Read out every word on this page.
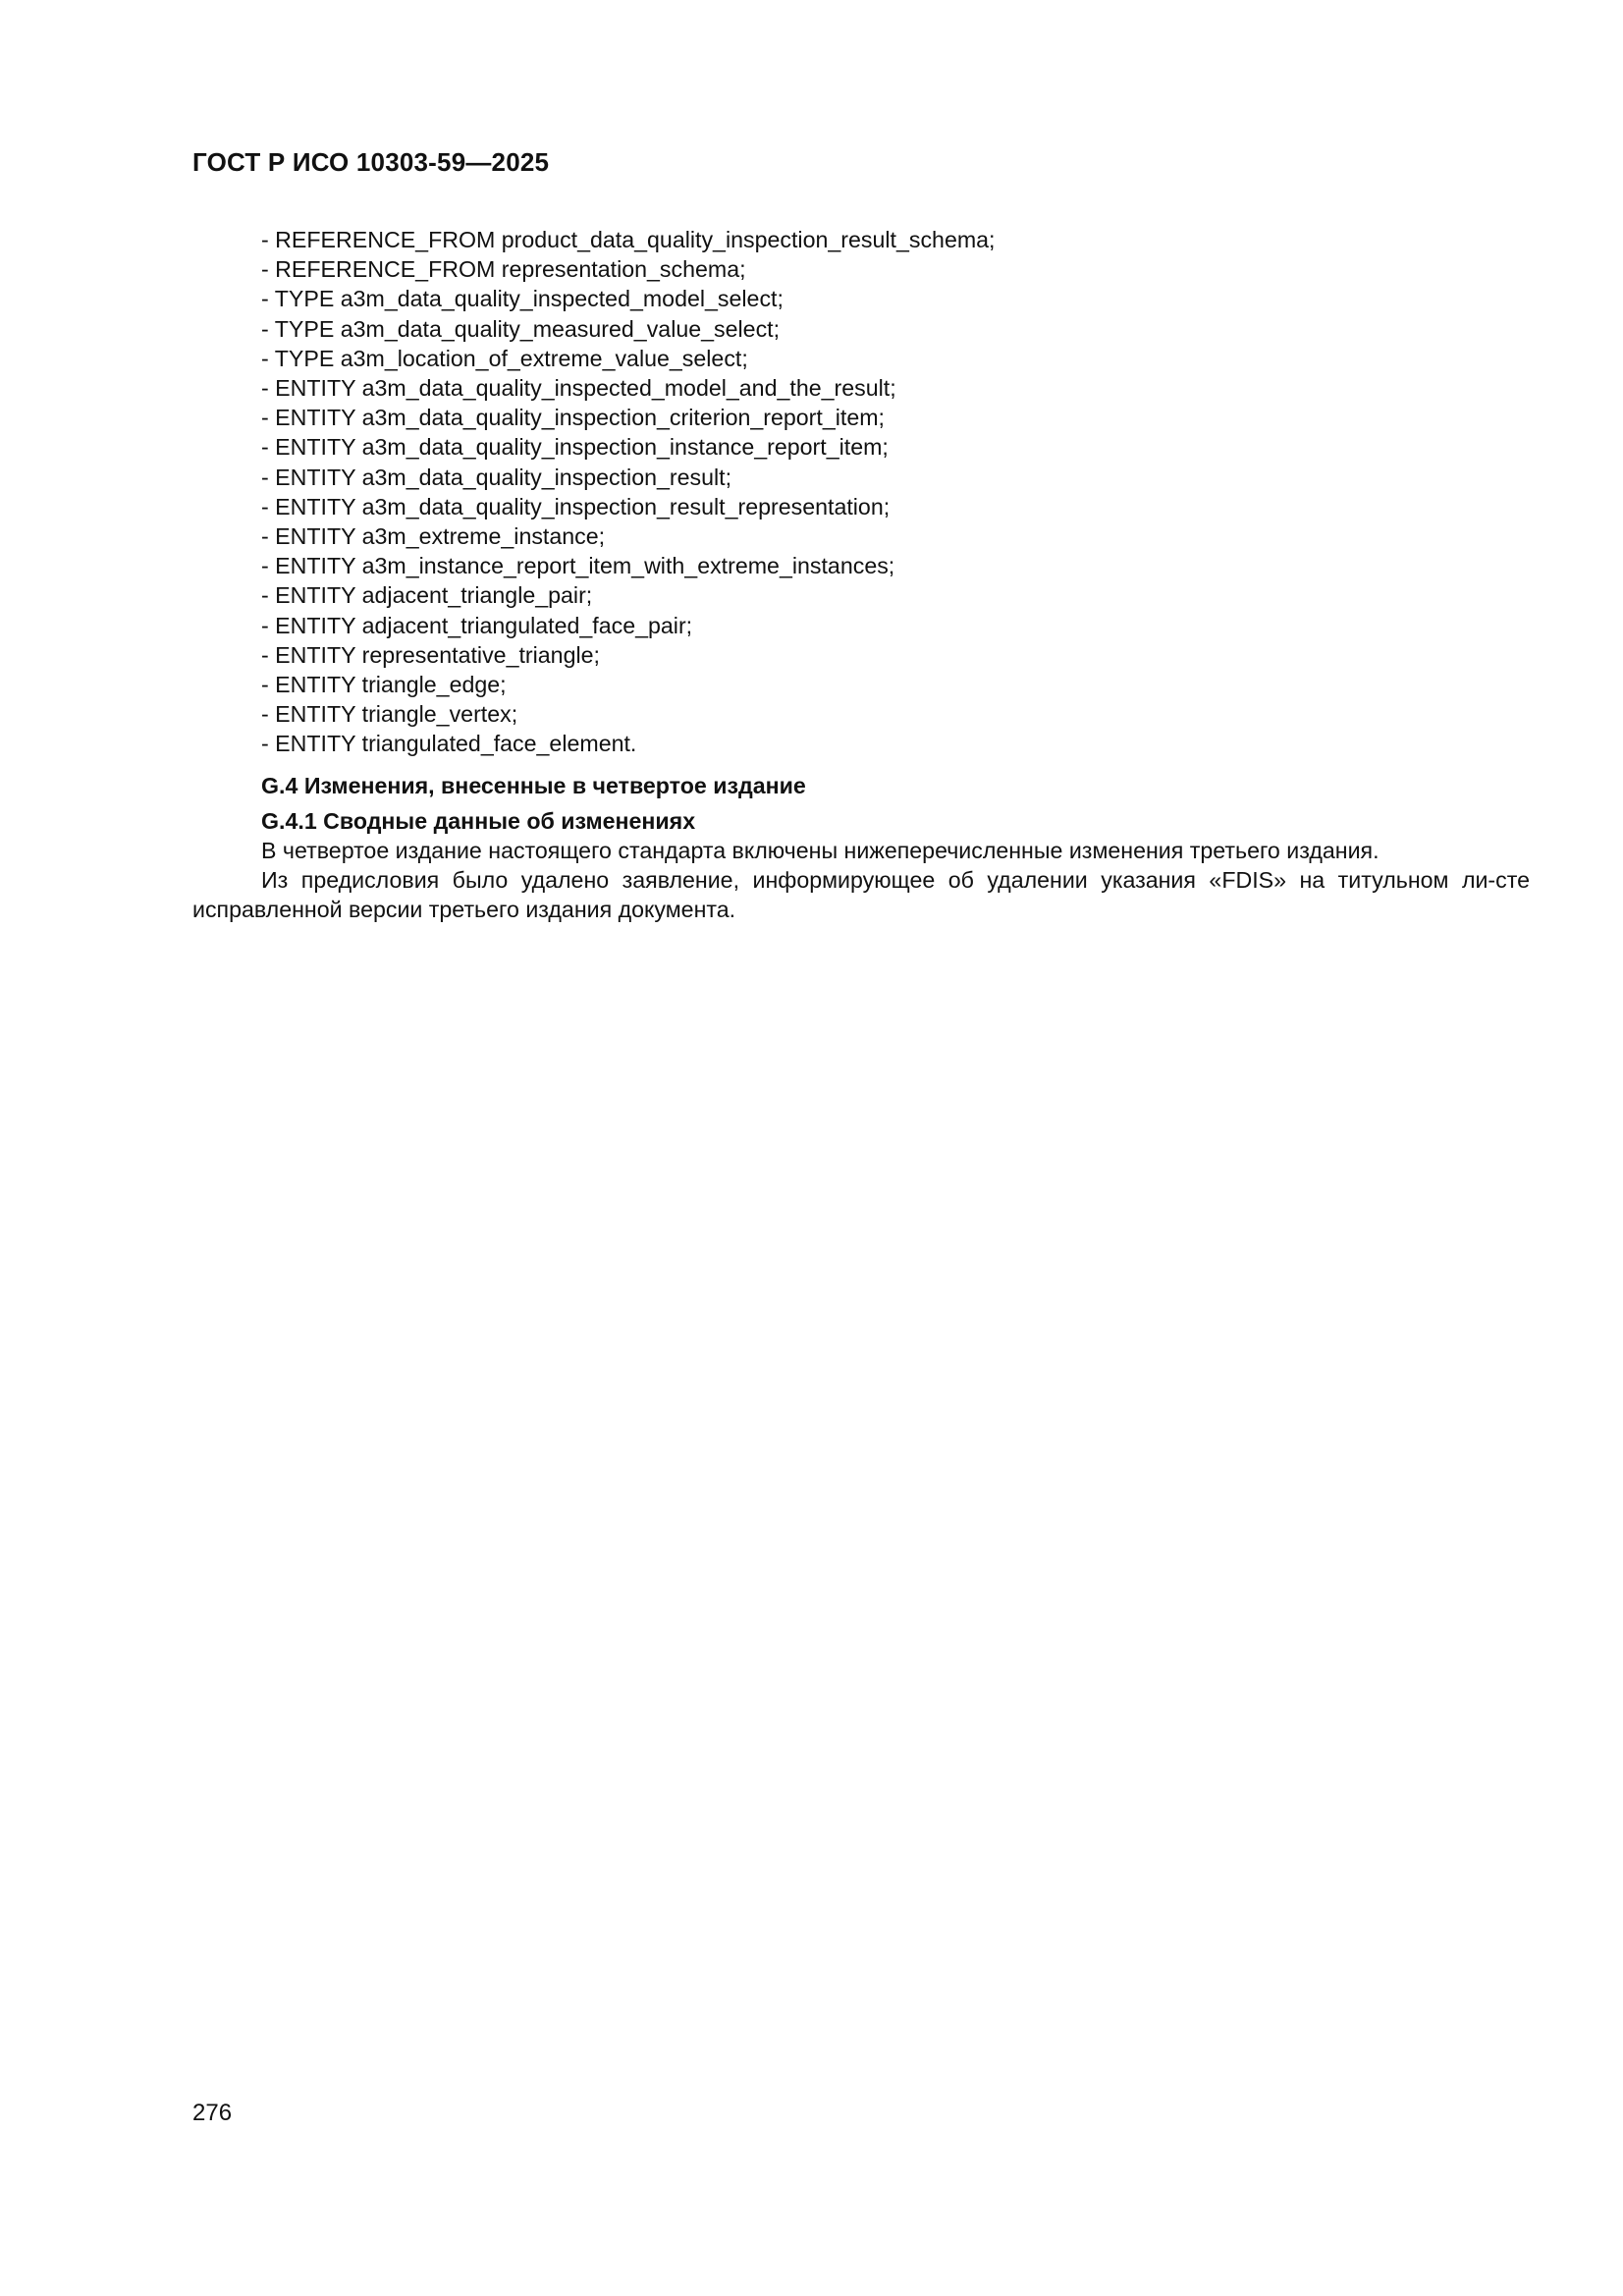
ГОСТ Р ИСО 10303-59—2025
- REFERENCE_FROM product_data_quality_inspection_result_schema;
- REFERENCE_FROM representation_schema;
- TYPE a3m_data_quality_inspected_model_select;
- TYPE a3m_data_quality_measured_value_select;
- TYPE a3m_location_of_extreme_value_select;
- ENTITY a3m_data_quality_inspected_model_and_the_result;
- ENTITY a3m_data_quality_inspection_criterion_report_item;
- ENTITY a3m_data_quality_inspection_instance_report_item;
- ENTITY a3m_data_quality_inspection_result;
- ENTITY a3m_data_quality_inspection_result_representation;
- ENTITY a3m_extreme_instance;
- ENTITY a3m_instance_report_item_with_extreme_instances;
- ENTITY adjacent_triangle_pair;
- ENTITY adjacent_triangulated_face_pair;
- ENTITY representative_triangle;
- ENTITY triangle_edge;
- ENTITY triangle_vertex;
- ENTITY triangulated_face_element.
G.4 Изменения, внесенные в четвертое издание
G.4.1 Сводные данные об изменениях

В четвертое издание настоящего стандарта включены нижеперечисленные изменения третьего издания.

Из предисловия было удалено заявление, информирующее об удалении указания «FDIS» на титульном ли-сте исправленной версии третьего издания документа.

276
